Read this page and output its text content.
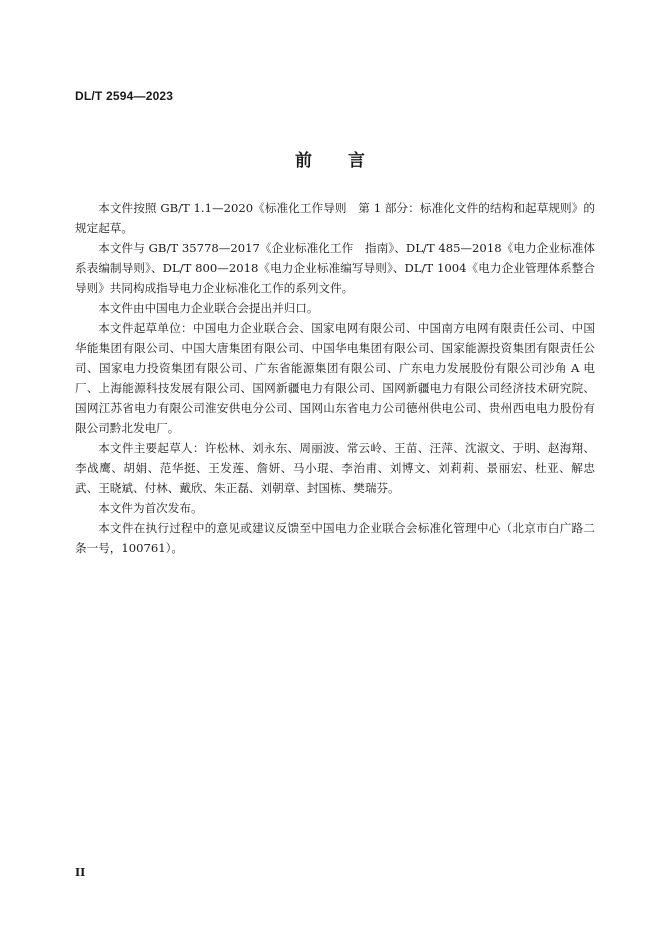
DL/T 2594—2023
前 言

本文件按照 GB/T 1.1—2020《标准化工作导则　第 1 部分：标准化文件的结构和起草规则》的规定起草。

本文件与 GB/T 35778—2017《企业标准化工作　指南》、DL/T 485—2018《电力企业标准体系表编制导则》、DL/T 800—2018《电力企业标准编写导则》、DL/T 1004《电力企业管理体系整合导则》共同构成指导电力企业标准化工作的系列文件。

本文件由中国电力企业联合会提出并归口。

本文件起草单位：中国电力企业联合会、国家电网有限公司、中国南方电网有限责任公司、中国华能集团有限公司、中国大唐集团有限公司、中国华电集团有限公司、国家能源投资集团有限责任公司、国家电力投资集团有限公司、广东省能源集团有限公司、广东电力发展股份有限公司沙角 A 电厂、上海能源科技发展有限公司、国网新疆电力有限公司、国网新疆电力有限公司经济技术研究院、国网江苏省电力有限公司淮安供电分公司、国网山东省电力公司德州供电公司、贵州西电电力股份有限公司黔北发电厂。

本文件主要起草人：许松林、刘永东、周丽波、常云岭、王苗、汪萍、沈淑文、于明、赵海翔、李战鹰、胡娟、范华挺、王发莲、詹妍、马小琨、李治甫、刘博文、刘莉莉、景丽宏、杜亚、解忠武、王晓斌、付林、戴欣、朱正磊、刘朝章、封国栋、樊瑞芬。

本文件为首次发布。

本文件在执行过程中的意见或建议反馈至中国电力企业联合会标准化管理中心（北京市白广路二条一号，100761）。

II
